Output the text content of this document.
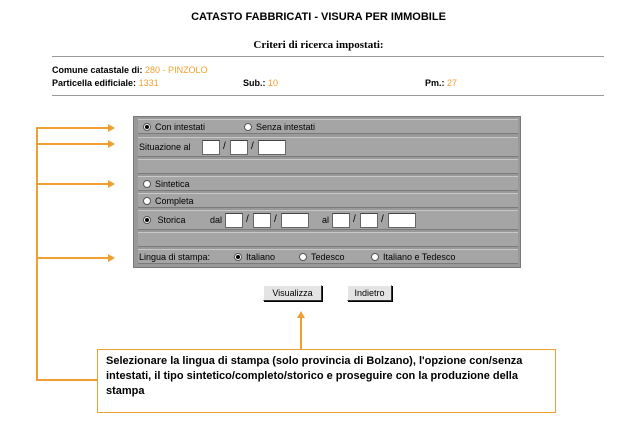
CATASTO FABBRICATI - VISURA PER IMMOBILE
Criteri di ricerca impostati:
Comune catastale di: 280 - PINZOLO
Particella edificiale: 1331	Sub.: 10	Pm.: 27
Con intestati	Senza intestati
Situazione al	/	/
Sintetica
Completa
Storica	dal /	/	al /	/
Lingua di stampa:	Italiano	Tedesco	Italiano e Tedesco
Visualizza	Indietro
Selezionare la lingua di stampa (solo provincia di Bolzano), l'opzione con/senza intestati, il tipo sintetico/completo/storico e proseguire con la produzione della stampa
